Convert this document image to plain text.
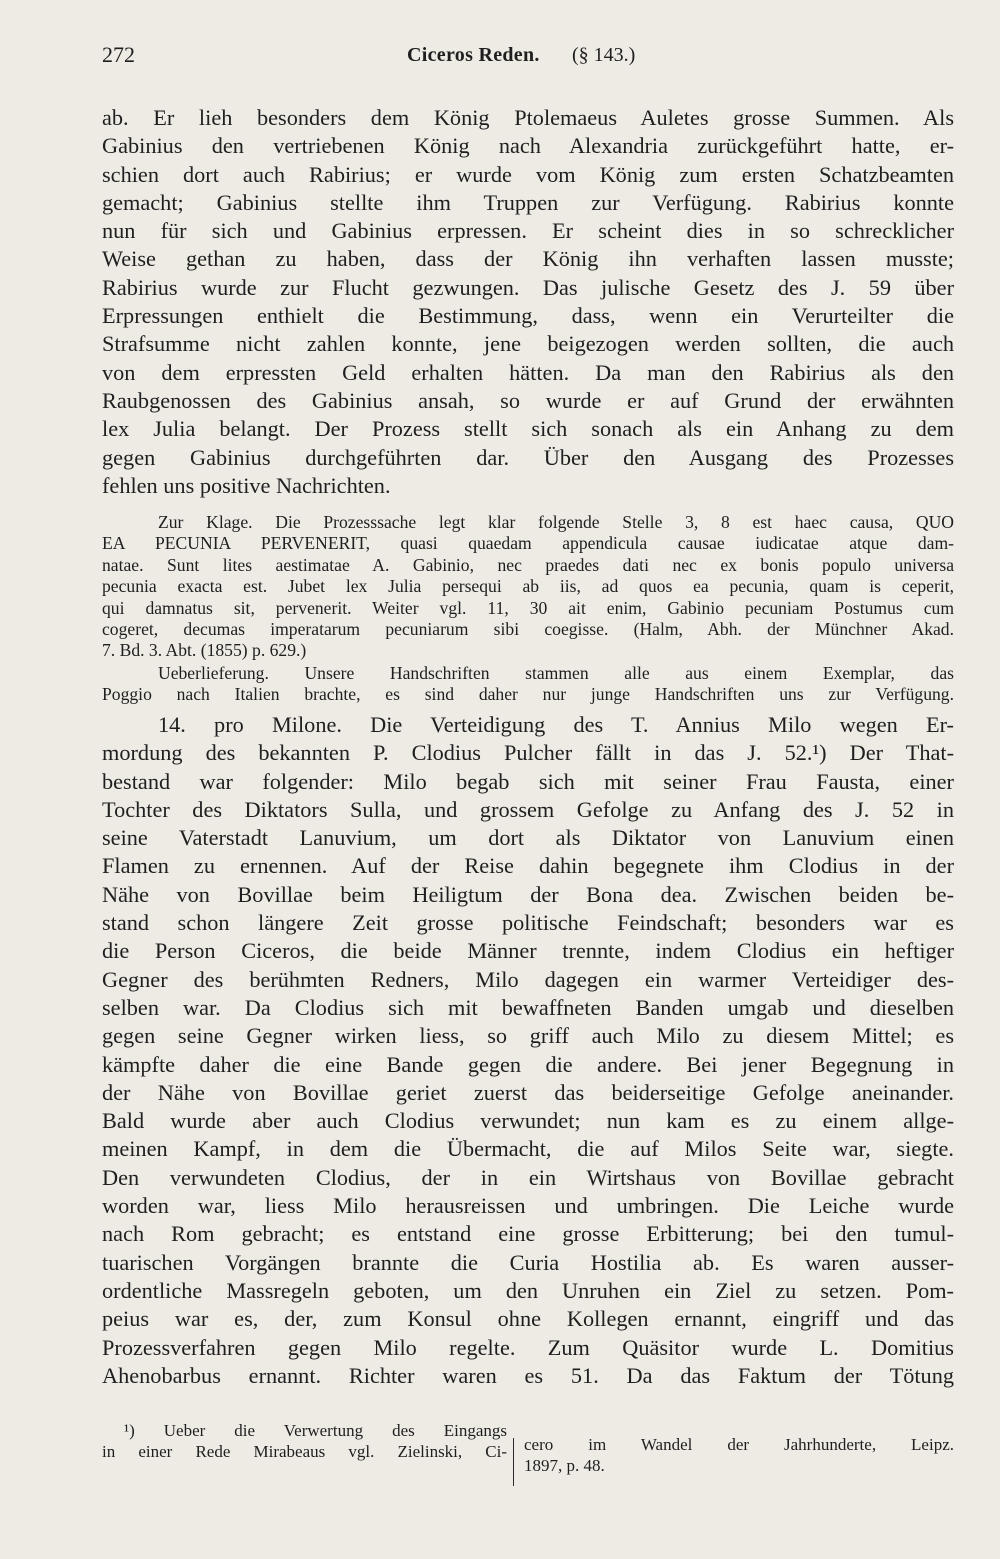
272	Ciceros Reden. (§ 143.)
ab. Er lieh besonders dem König Ptolemaeus Auletes grosse Summen. Als
Gabinius den vertriebenen König nach Alexandria zurückgeführt hatte, er-
schien dort auch Rabirius; er wurde vom König zum ersten Schatzbeamten
gemacht; Gabinius stellte ihm Truppen zur Verfügung. Rabirius konnte
nun für sich und Gabinius erpressen. Er scheint dies in so schrecklicher
Weise gethan zu haben, dass der König ihn verhaften lassen musste;
Rabirius wurde zur Flucht gezwungen. Das julische Gesetz des J. 59 über
Erpressungen enthielt die Bestimmung, dass, wenn ein Verurteilter die
Strafsumme nicht zahlen konnte, jene beigezogen werden sollten, die auch
von dem erpressten Geld erhalten hätten. Da man den Rabirius als den
Raubgenossen des Gabinius ansah, so wurde er auf Grund der erwähnten
lex Julia belangt. Der Prozess stellt sich sonach als ein Anhang zu dem
gegen Gabinius durchgeführten dar. Über den Ausgang des Prozesses
fehlen uns positive Nachrichten.
Zur Klage. Die Prozesssache legt klar folgende Stelle 3, 8 est haec causa, QUO
EA PECUNIA PERVENERIT, quasi quaedam appendicula causae iudicatae atque dam-
natae. Sunt lites aestimatae A. Gabinio, nec praedes dati nec ex bonis populo universa
pecunia exacta est. Jubet lex Julia persequi ab iis, ad quos ea pecunia, quam is ceperit,
qui damnatus sit, pervenerit. Weiter vgl. 11, 30 ait enim, Gabinio pecuniam Postumus cum
cogeret, decumas imperatarum pecuniarum sibi coegisse. (Halm, Abh. der Münchner Akad.
7. Bd. 3. Abt. (1855) p. 629.)
Ueberlieferung. Unsere Handschriften stammen alle aus einem Exemplar, das
Poggio nach Italien brachte, es sind daher nur junge Handschriften uns zur Verfügung.
14. pro Milone. Die Verteidigung des T. Annius Milo wegen Er-
mordung des bekannten P. Clodius Pulcher fällt in das J. 52.¹) Der That-
bestand war folgender: Milo begab sich mit seiner Frau Fausta, einer
Tochter des Diktators Sulla, und grossem Gefolge zu Anfang des J. 52 in
seine Vaterstadt Lanuvium, um dort als Diktator von Lanuvium einen
Flamen zu ernennen. Auf der Reise dahin begegnete ihm Clodius in der
Nähe von Bovillae beim Heiligtum der Bona dea. Zwischen beiden be-
stand schon längere Zeit grosse politische Feindschaft; besonders war es
die Person Ciceros, die beide Männer trennte, indem Clodius ein heftiger
Gegner des berühmten Redners, Milo dagegen ein warmer Verteidiger des-
selben war. Da Clodius sich mit bewaffneten Banden umgab und dieselben
gegen seine Gegner wirken liess, so griff auch Milo zu diesem Mittel; es
kämpfte daher die eine Bande gegen die andere. Bei jener Begegnung in
der Nähe von Bovillae geriet zuerst das beiderseitige Gefolge aneinander.
Bald wurde aber auch Clodius verwundet; nun kam es zu einem allge-
meinen Kampf, in dem die Übermacht, die auf Milos Seite war, siegte.
Den verwundeten Clodius, der in ein Wirtshaus von Bovillae gebracht
worden war, liess Milo herausreissen und umbringen. Die Leiche wurde
nach Rom gebracht; es entstand eine grosse Erbitterung; bei den tumul-
tuarischen Vorgängen brannte die Curia Hostilia ab. Es waren ausser-
ordentliche Massregeln geboten, um den Unruhen ein Ziel zu setzen. Pom-
peius war es, der, zum Konsul ohne Kollegen ernannt, eingriff und das
Prozessverfahren gegen Milo regelte. Zum Quäsitor wurde L. Domitius
Ahenobarbus ernannt. Richter waren es 51. Da das Faktum der Tötung
¹) Ueber die Verwertung des Eingangs
in einer Rede Mirabeaus vgl. Zielinski, Ci- cero im Wandel der Jahrhunderte, Leipz.
1897, p. 48.
